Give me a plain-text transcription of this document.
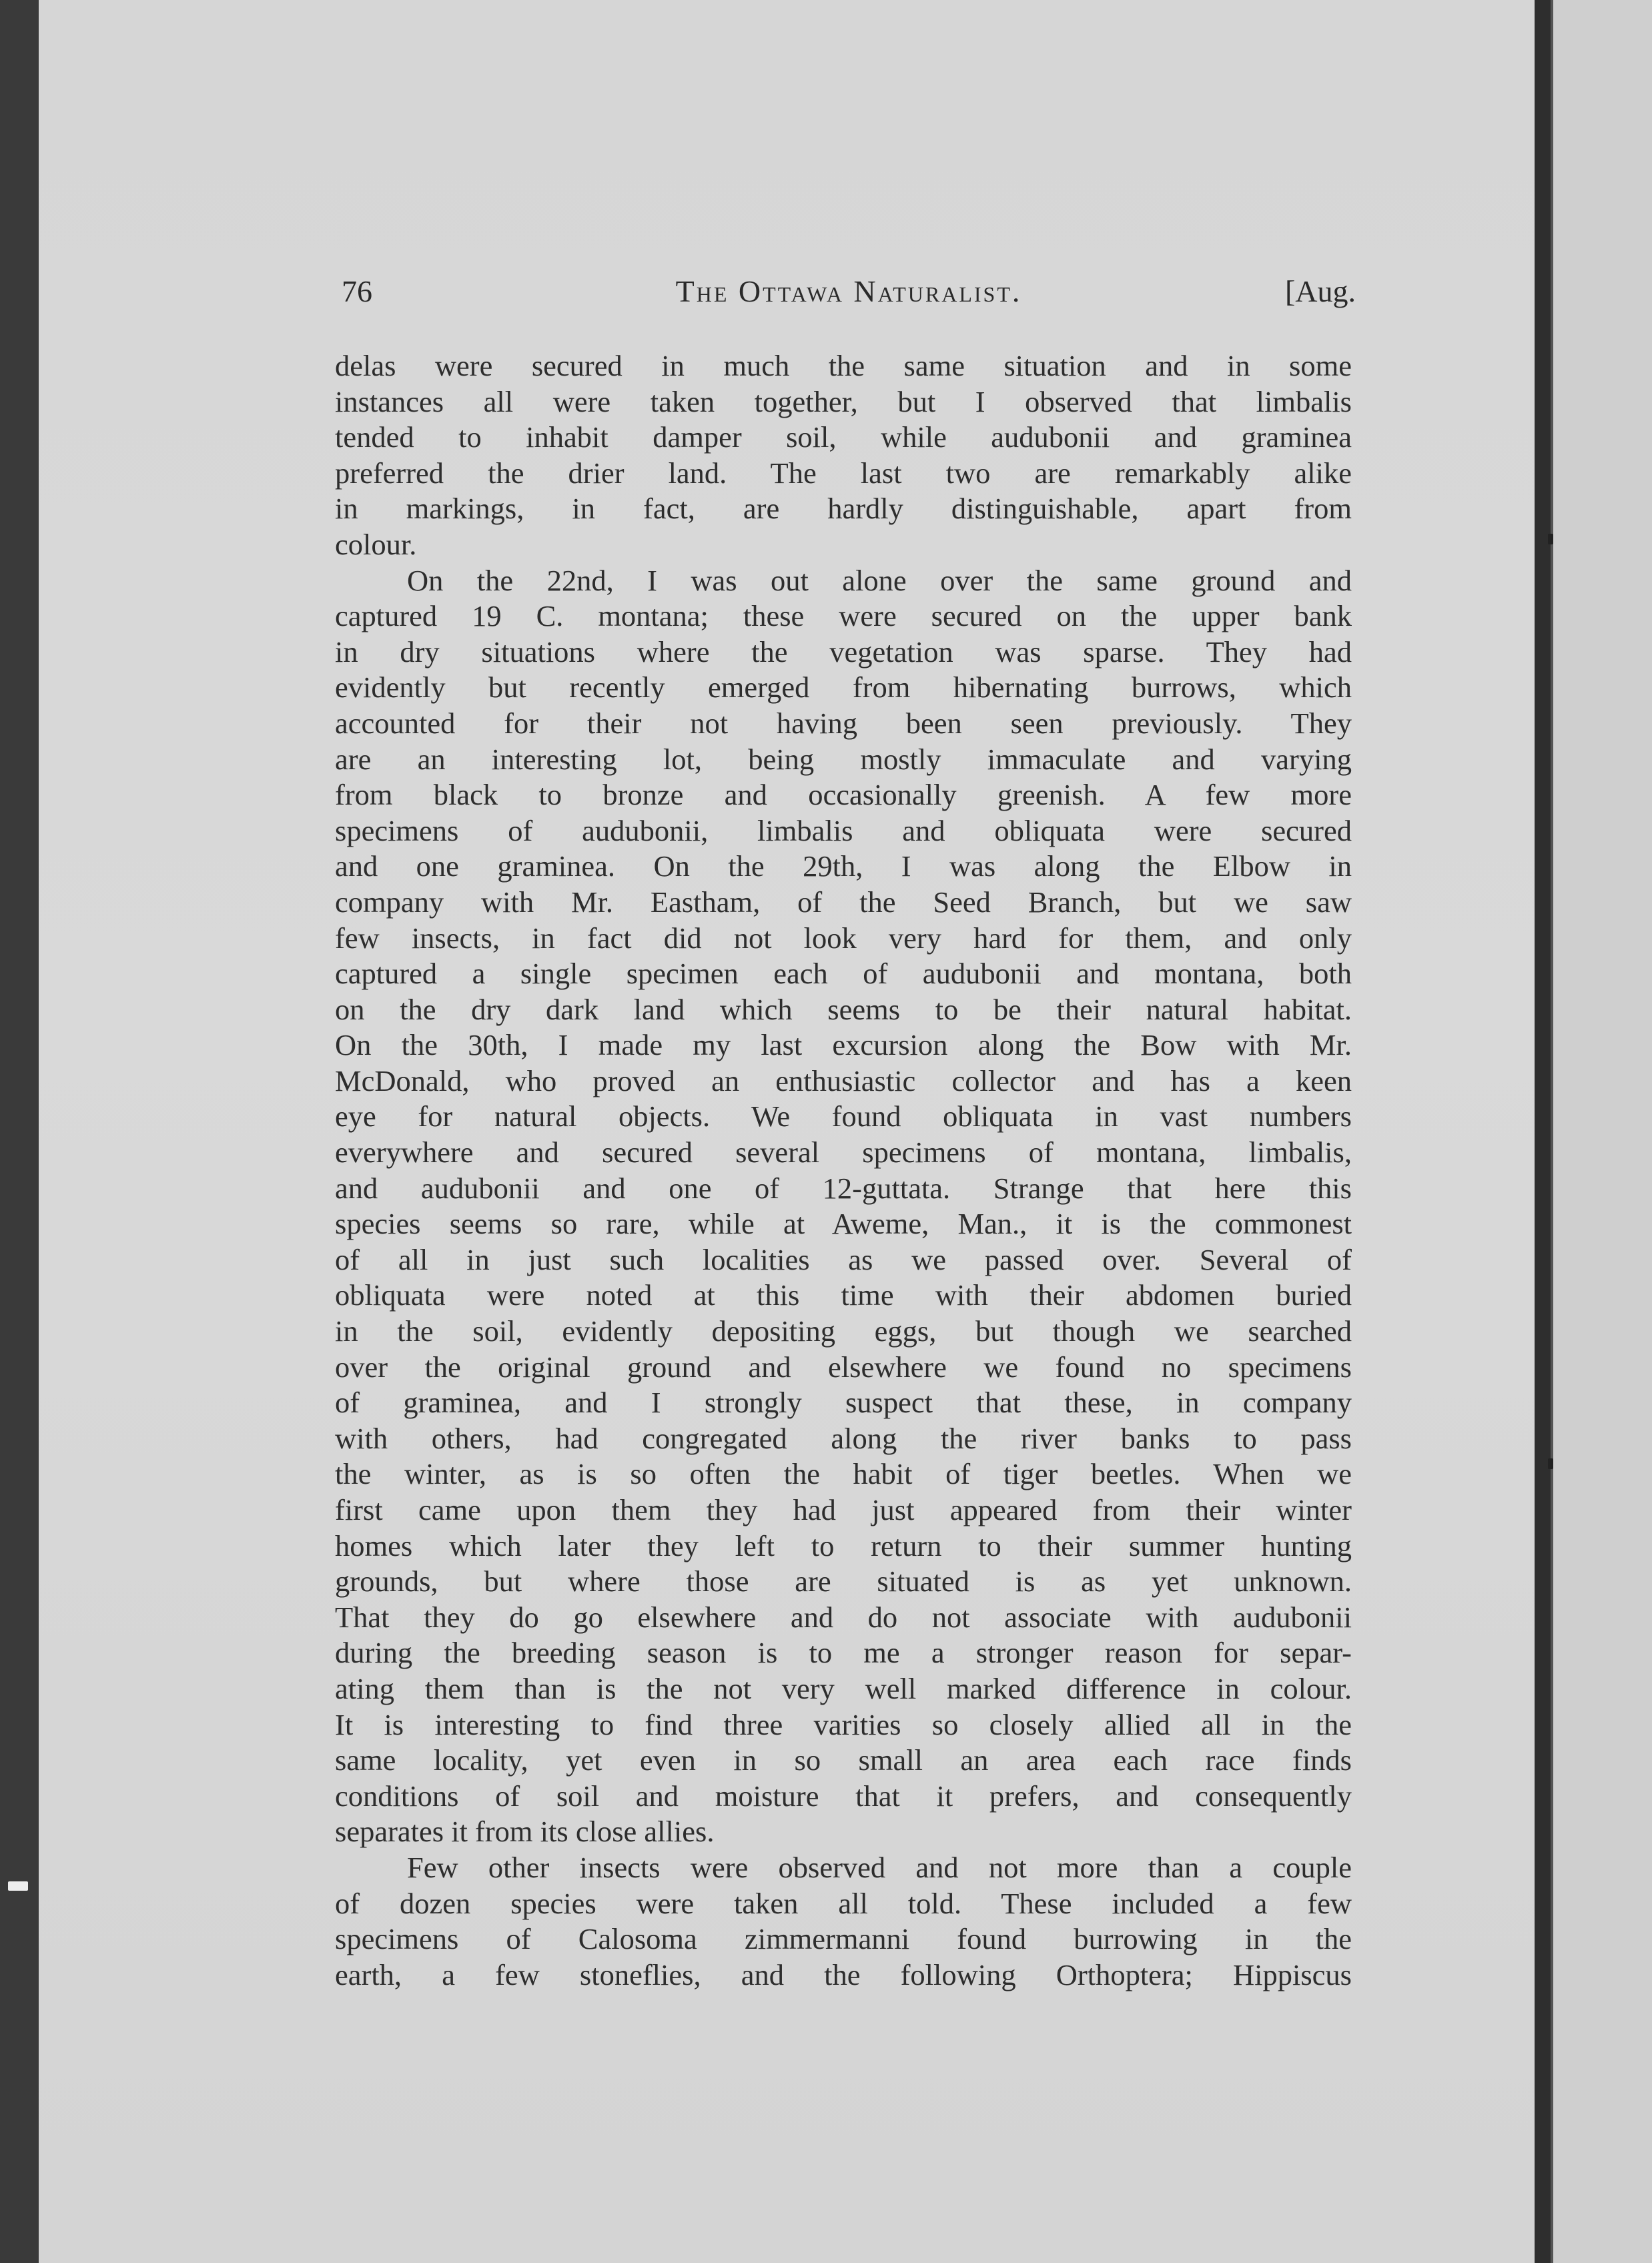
76	The Ottawa Naturalist.	[Aug.
delas were secured in much the same situation and in some
instances all were taken together, but I observed that limbalis
tended to inhabit damper soil, while audubonii and graminea
preferred the drier land. The last two are remarkably alike
in markings, in fact, are hardly distinguishable, apart from
colour.
On the 22nd, I was out alone over the same ground and
captured 19 C. montana; these were secured on the upper bank
in dry situations where the vegetation was sparse. They had
evidently but recently emerged from hibernating burrows, which
accounted for their not having been seen previously. They
are an interesting lot, being mostly immaculate and varying
from black to bronze and occasionally greenish. A few more
specimens of audubonii, limbalis and obliquata were secured
and one graminea. On the 29th, I was along the Elbow in
company with Mr. Eastham, of the Seed Branch, but we saw
few insects, in fact did not look very hard for them, and only
captured a single specimen each of audubonii and montana, both
on the dry dark land which seems to be their natural habitat.
On the 30th, I made my last excursion along the Bow with Mr.
McDonald, who proved an enthusiastic collector and has a keen
eye for natural objects. We found obliquata in vast numbers
everywhere and secured several specimens of montana, limbalis,
and audubonii and one of 12-guttata. Strange that here this
species seems so rare, while at Aweme, Man., it is the commonest
of all in just such localities as we passed over. Several of
obliquata were noted at this time with their abdomen buried
in the soil, evidently depositing eggs, but though we searched
over the original ground and elsewhere we found no specimens
of graminea, and I strongly suspect that these, in company
with others, had congregated along the river banks to pass
the winter, as is so often the habit of tiger beetles. When we
first came upon them they had just appeared from their winter
homes which later they left to return to their summer hunting
grounds, but where those are situated is as yet unknown.
That they do go elsewhere and do not associate with audubonii
during the breeding season is to me a stronger reason for separ-
ating them than is the not very well marked difference in colour.
It is interesting to find three varities so closely allied all in the
same locality, yet even in so small an area each race finds
conditions of soil and moisture that it prefers, and consequently
separates it from its close allies.
Few other insects were observed and not more than a couple
of dozen species were taken all told. These included a few
specimens of Calosoma zimmermanni found burrowing in the
earth, a few stoneflies, and the following Orthoptera; Hippiscus
